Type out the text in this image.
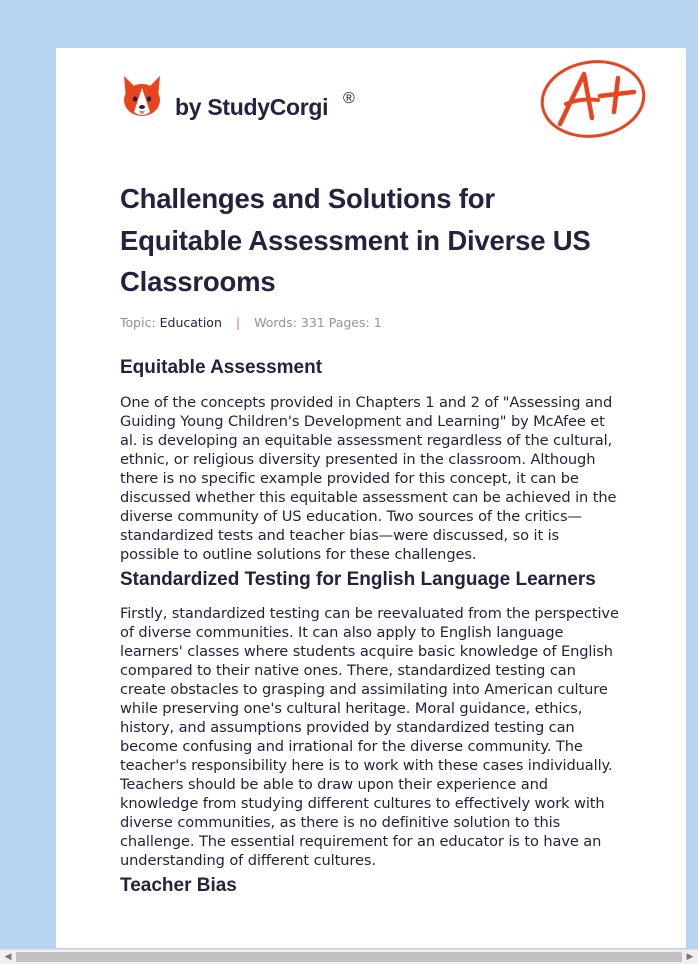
by StudyCorgi ®
Challenges and Solutions for Equitable Assessment in Diverse US Classrooms
Topic: Education | Words: 331 Pages: 1
Equitable Assessment

One of the concepts provided in Chapters 1 and 2 of "Assessing and Guiding Young Children's Development and Learning" by McAfee et al. is developing an equitable assessment regardless of the cultural, ethnic, or religious diversity presented in the classroom. Although there is no specific example provided for this concept, it can be discussed whether this equitable assessment can be achieved in the diverse community of US education. Two sources of the critics—standardized tests and teacher bias—were discussed, so it is possible to outline solutions for these challenges.

Standardized Testing for English Language Learners

Firstly, standardized testing can be reevaluated from the perspective of diverse communities. It can also apply to English language learners' classes where students acquire basic knowledge of English compared to their native ones. There, standardized testing can create obstacles to grasping and assimilating into American culture while preserving one's cultural heritage. Moral guidance, ethics, history, and assumptions provided by standardized testing can become confusing and irrational for the diverse community. The teacher's responsibility here is to work with these cases individually. Teachers should be able to draw upon their experience and knowledge from studying different cultures to effectively work with diverse communities, as there is no definitive solution to this challenge. The essential requirement for an educator is to have an understanding of different cultures.

Teacher Bias
◀	▶
